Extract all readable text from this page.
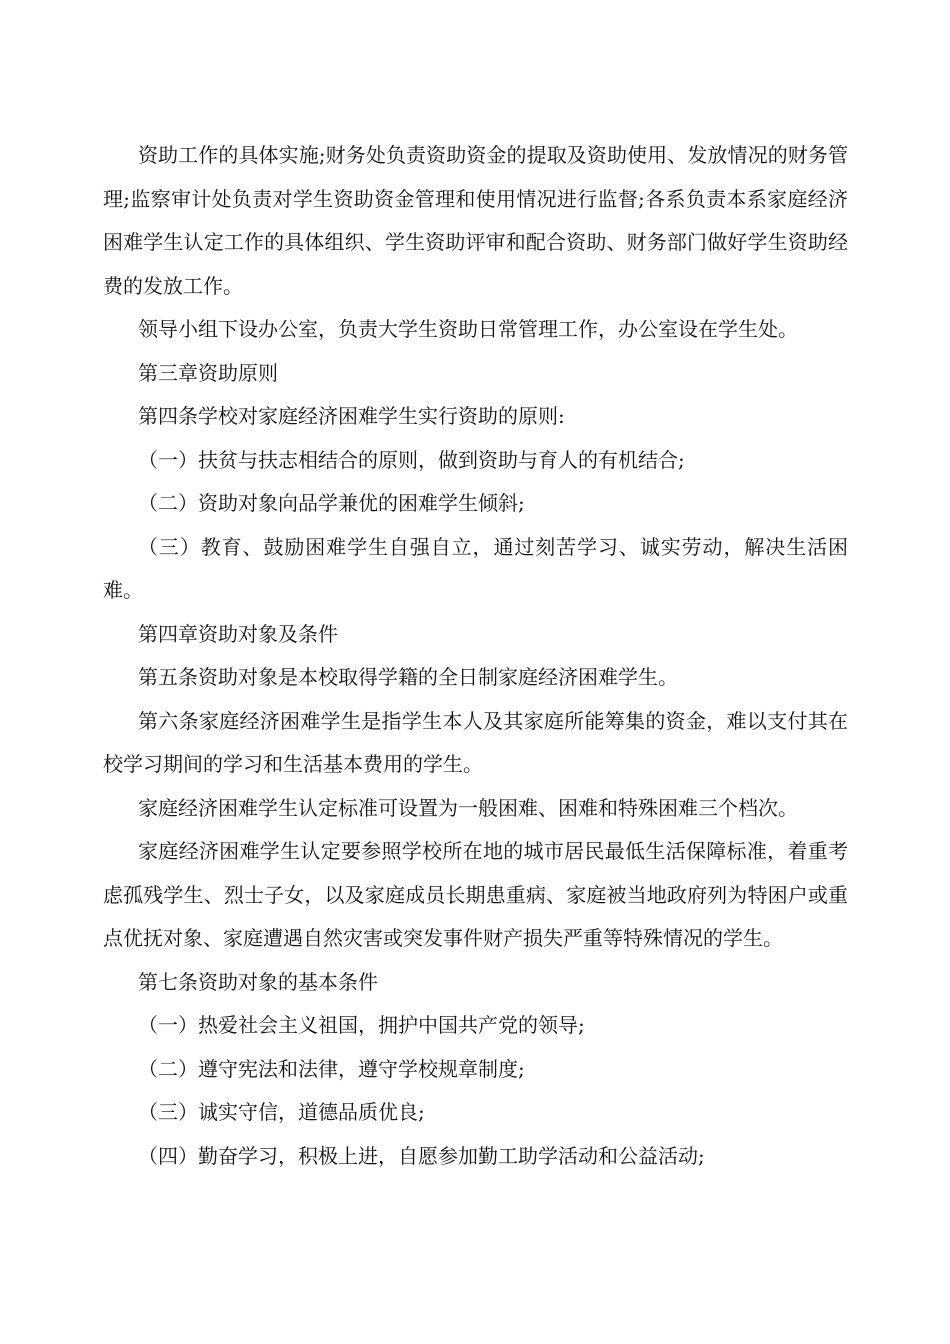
资助工作的具体实施;财务处负责资助资金的提取及资助使用、发放情况的财务管理;监察审计处负责对学生资助资金管理和使用情况进行监督;各系负责本系家庭经济困难学生认定工作的具体组织、学生资助评审和配合资助、财务部门做好学生资助经费的发放工作。

领导小组下设办公室，负责大学生资助日常管理工作，办公室设在学生处。

第三章资助原则

第四条学校对家庭经济困难学生实行资助的原则:

（一）扶贫与扶志相结合的原则，做到资助与育人的有机结合;

（二）资助对象向品学兼优的困难学生倾斜;

（三）教育、鼓励困难学生自强自立，通过刻苦学习、诚实劳动，解决生活困难。

第四章资助对象及条件

第五条资助对象是本校取得学籍的全日制家庭经济困难学生。

第六条家庭经济困难学生是指学生本人及其家庭所能筹集的资金，难以支付其在校学习期间的学习和生活基本费用的学生。

家庭经济困难学生认定标准可设置为一般困难、困难和特殊困难三个档次。

家庭经济困难学生认定要参照学校所在地的城市居民最低生活保障标准，着重考虑孤残学生、烈士子女，以及家庭成员长期患重病、家庭被当地政府列为特困户或重点优抚对象、家庭遭遇自然灾害或突发事件财产损失严重等特殊情况的学生。

第七条资助对象的基本条件

（一）热爱社会主义祖国，拥护中国共产党的领导;

（二）遵守宪法和法律，遵守学校规章制度;

（三）诚实守信，道德品质优良;

（四）勤奋学习，积极上进，自愿参加勤工助学活动和公益活动;
